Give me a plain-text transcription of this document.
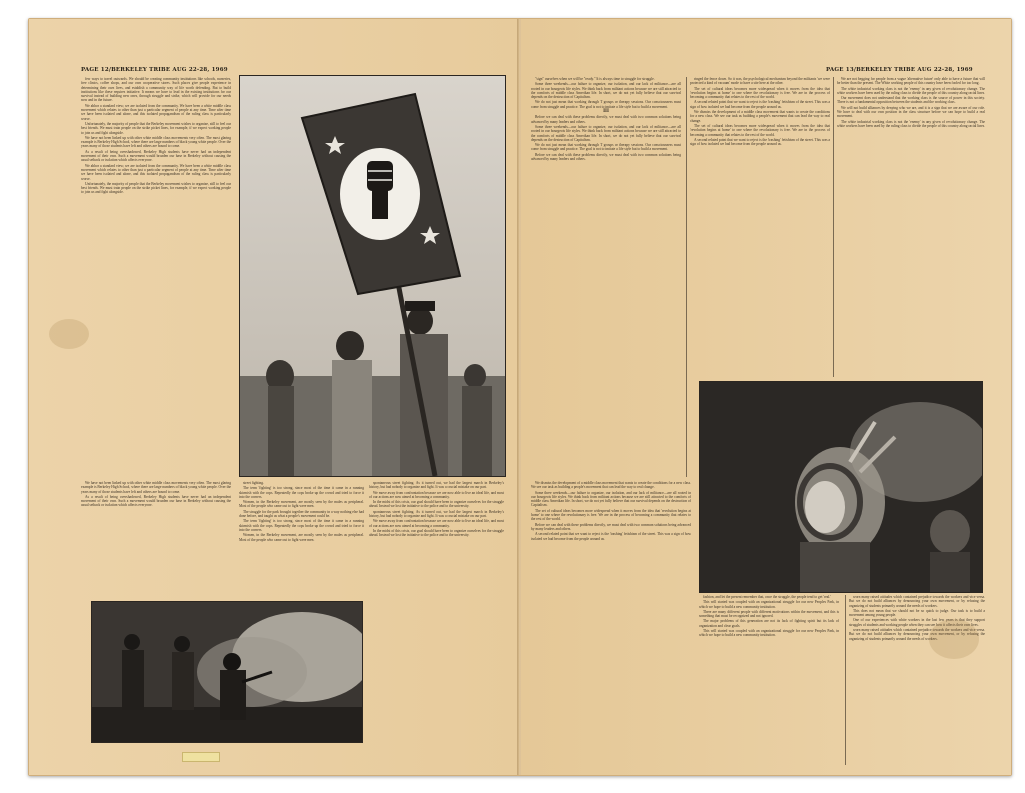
PAGE 12/BERKELEY TRIBE AUG 22-28, 1969

few ways to travel outwards. We should be creating community institutions like schools, nurseries, free clinics, coffee shops, and our own cooperative stores. Such places give people experience in determining their own lives, and establish a community way of life worth defending. But to build institutions like these requires initiative. It means we have to lead in the existing institutions for our survival instead of building new ones, through struggle and strike, which will provide for our needs now and in the future.

We abhor a standard view; we are isolated from the community. We have been a white middle class movement which relates to other than just a particular segment of people at any time. Time after time we have been isolated and alone, and this isolated propagandism of the ruling class is particularly worse.

Unfortunately, the majority of people that the Berkeley movement wishes to organize, still to feel our best friends. We must train people on the strike picket lines, for example, if we expect working people to join us and fight alongside.

We have not been linked up with other white middle class movements very often. The most glaring example is Berkeley High School, where there are large numbers of black young white people. Over the years many of those students have left and others are bound to come.

As a result of being overshadowed, Berkeley High students have never had an independent movement of their own. Such a movement would broaden our base in Berkeley without causing the usual setback or isolation which affects everyone.

We abhor a standard view; we are isolated from the community. We have been a white middle class movement which relates to other than just a particular segment of people at any time. Time after time we have been isolated and alone, and this isolated propagandism of the ruling class is particularly worse.

Unfortunately, the majority of people that the Berkeley movement wishes to organize, still to feel our best friends. We must train people on the strike picket lines, for example, if we expect working people to join us and fight alongside.

street fighting.

The term 'fighting' is too strong, since most of the time it came in a running skirmish with the cops. Repeatedly the cops broke up the crowd and tried to force it into the corners.

Women, in the Berkeley movement, are mostly seen by the males as peripheral. Most of the people who came out to fight were men.

The struggle for the park brought together the community in a way nothing else had done before, and taught us what a people's movement could be.

The term 'fighting' is too strong, since most of the time it came in a running skirmish with the cops. Repeatedly the cops broke up the crowd and tried to force it into the corners.

Women, in the Berkeley movement, are mostly seen by the males as peripheral. Most of the people who came out to fight were men.

spontaneous street fighting. As it turned out, we had the largest march in Berkeley's history, but had nobody to organize and fight. It was a crucial mistake on our part.

We move away from confrontation because we are now able to live an ideal life, and most of our actions are now aimed at becoming a community.

In the midst of this crisis, our goal should have been to organize ourselves for the struggle ahead. Instead we lost the initiative to the police and to the university.

spontaneous street fighting. As it turned out, we had the largest march in Berkeley's history, but had nobody to organize and fight. It was a crucial mistake on our part.

We move away from confrontation because we are now able to live an ideal life, and most of our actions are now aimed at becoming a community.

In the midst of this crisis, our goal should have been to organize ourselves for the struggle ahead. Instead we lost the initiative to the police and to the university.

We have not been linked up with other white middle class movements very often. The most glaring example is Berkeley High School, where there are large numbers of black young white people. Over the years many of those students have left and others are bound to come.

As a result of being overshadowed, Berkeley High students have never had an independent movement of their own. Such a movement would broaden our base in Berkeley without causing the usual setback or isolation which affects everyone.

PAGE 13/BERKELEY TRIBE AUG 22-28, 1969

"sign" ourselves when we will be "ready." It is always time to struggle for struggle.

Some three weekends—our failure to organize, our isolation, and our lack of militance—are all rooted in our bourgeois life styles. We think back from militant actions because we are still attracted to the comforts of middle class Amerikan life. In short, we do not yet fully believe that our survival depends on the destruction of Capitalism.

We do not just mean that working through T groups or therapy sessions. Our consciousness must come from struggle and practice. The goal is not to imitate a life style but to build a movement.

III

Before we can deal with these problems directly, we must deal with two common solutions being advanced by many leaders and others.

Some three weekends—our failure to organize, our isolation, and our lack of militance—are all rooted in our bourgeois life styles. We think back from militant actions because we are still attracted to the comforts of middle class Amerikan life. In short, we do not yet fully believe that our survival depends on the destruction of Capitalism.

We do not just mean that working through T groups or therapy sessions. Our consciousness must come from struggle and practice. The goal is not to imitate a life style but to build a movement.

Before we can deal with these problems directly, we must deal with two common solutions being advanced by many leaders and others.

ringed the fence down. So it was, the psychological mechanism beyond the militants 'we were protected a kind of vacuum' mode to have a site here at the other.

The set of cultural ideas becomes more widespread when it moves from the idea that 'revolution begins at home' to one where the revolutionary is free. We are in the process of becoming a community that relates to the rest of the world.

A second related point that we want to reject is the 'trashing' fetishism of the street. This was a sign of how isolated we had become from the people around us.

We dismiss the development of a middle class movement that wants to create the conditions for a new class. We see our task as building a people's movement that can lead the way to real change.

The set of cultural ideas becomes more widespread when it moves from the idea that 'revolution begins at home' to one where the revolutionary is free. We are in the process of becoming a community that relates to the rest of the world.

A second related point that we want to reject is the 'trashing' fetishism of the street. This was a sign of how isolated we had become from the people around us.

We are not begging for people from a vague 'alternative future' only able to have a future that will be better than the present. The White working people of this country have been fooled for too long.

The white industrial working class is not the 'enemy' in any given of revolutionary change. The white workers have been used by the ruling class to divide the people of this country along racial lines.

Our movement does not understand that the working class is the source of power in this society. There is not a fundamental opposition between the students and the working class.

We will not build alliances by denying who we are, and it is a sign that we are aware of our role. We have to deal with our own position in the class structure before we can hope to build a real movement.

The white industrial working class is not the 'enemy' in any given of revolutionary change. The white workers have been used by the ruling class to divide the people of this country along racial lines.

fashion, and let the present remember that, once the struggle, the people tend to get 'real.'

This will started was coupled with an organizational struggle for our new Peoples Park, in which we hope to build a new community institution.

There are many different people with different motivations within the movement, and this is something that must be recognized and not ignored.

The major problems of this generation are not its lack of fighting spirit but its lack of organization and clear goals.

This will started was coupled with an organizational struggle for our new Peoples Park, in which we hope to build a new community institution.

worn many raised attitudes which contained prejudice towards the workers and vice versa. But we do not build alliances by denouncing your own movement, or by refusing the organizing of students primarily around the needs of workers.

This does not mean that we should not be so quick to judge. Our task is to build a movement among young people.

One of our experiences with white workers in the last few years is that they support struggles of students and working people when they can see how it affects their own lives.

worn many raised attitudes which contained prejudice towards the workers and vice versa. But we do not build alliances by denouncing your own movement, or by refusing the organizing of students primarily around the needs of workers.

We dismiss the development of a middle class movement that wants to create the conditions for a new class. We see our task as building a people's movement that can lead the way to real change.

Some three weekends—our failure to organize, our isolation, and our lack of militance—are all rooted in our bourgeois life styles. We think back from militant actions because we are still attracted to the comforts of middle class Amerikan life. In short, we do not yet fully believe that our survival depends on the destruction of Capitalism.

The set of cultural ideas becomes more widespread when it moves from the idea that 'revolution begins at home' to one where the revolutionary is free. We are in the process of becoming a community that relates to the rest of the world.

Before we can deal with these problems directly, we must deal with two common solutions being advanced by many leaders and others.

A second related point that we want to reject is the 'trashing' fetishism of the street. This was a sign of how isolated we had become from the people around us.
